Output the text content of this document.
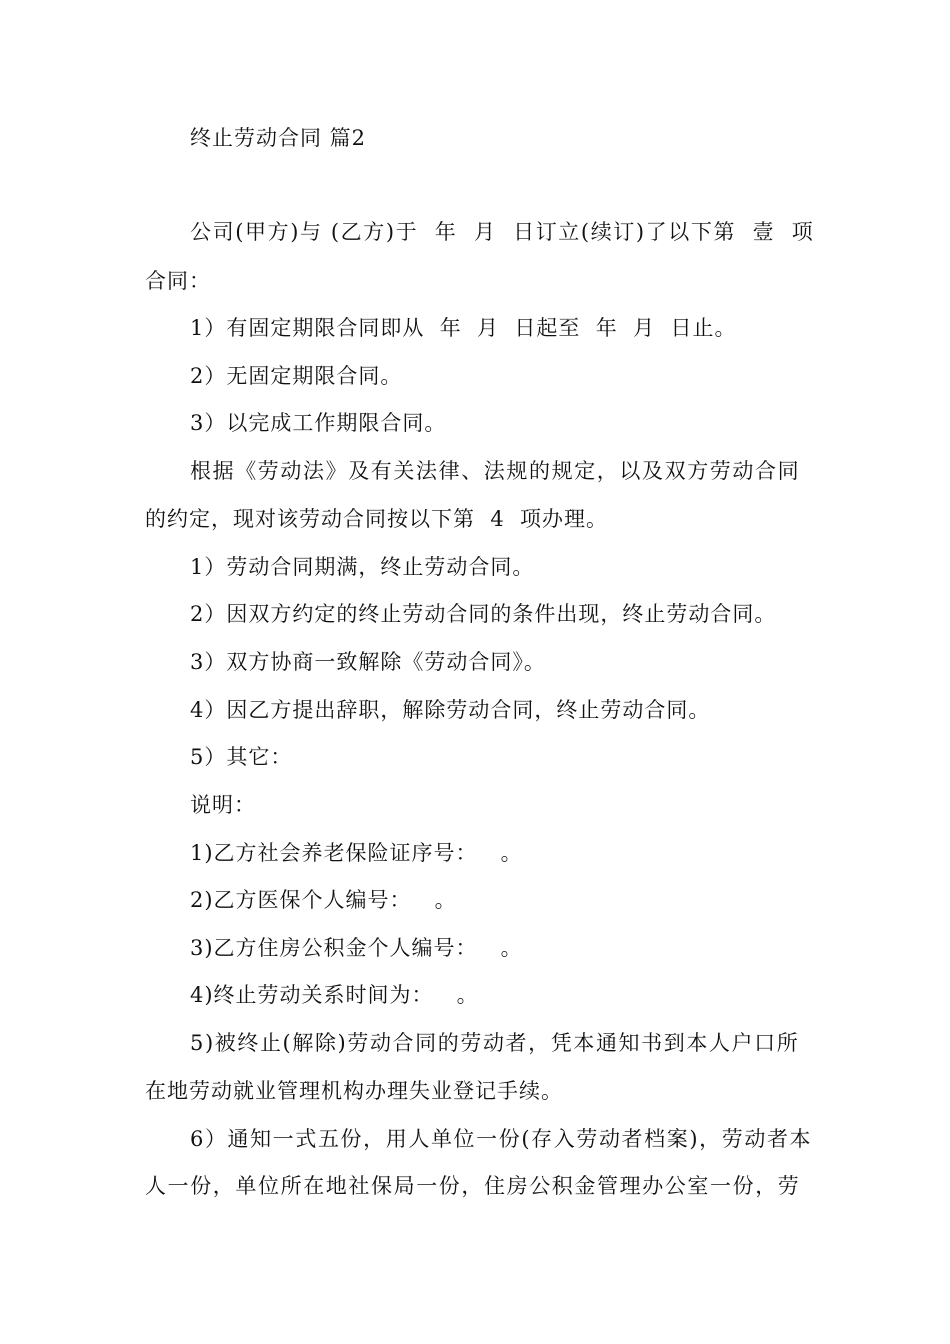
终止劳动合同 篇2
公司(甲方)与 (乙方)于  年  月  日订立(续订)了以下第  壹  项
合同：
1）有固定期限合同即从  年  月  日起至  年  月  日止。
2）无固定期限合同。
3）以完成工作期限合同。
根据《劳动法》及有关法律、法规的规定，以及双方劳动合同
的约定，现对该劳动合同按以下第  4  项办理。
1）劳动合同期满，终止劳动合同。
2）因双方约定的终止劳动合同的条件出现，终止劳动合同。
3）双方协商一致解除《劳动合同》。
4）因乙方提出辞职，解除劳动合同，终止劳动合同。
5）其它：
说明：
1)乙方社会养老保险证序号：   。
2)乙方医保个人编号：   。
3)乙方住房公积金个人编号：   。
4)终止劳动关系时间为：   。
5)被终止(解除)劳动合同的劳动者，凭本通知书到本人户口所
在地劳动就业管理机构办理失业登记手续。
6）通知一式五份，用人单位一份(存入劳动者档案)，劳动者本
人一份，单位所在地社保局一份，住房公积金管理办公室一份，劳
